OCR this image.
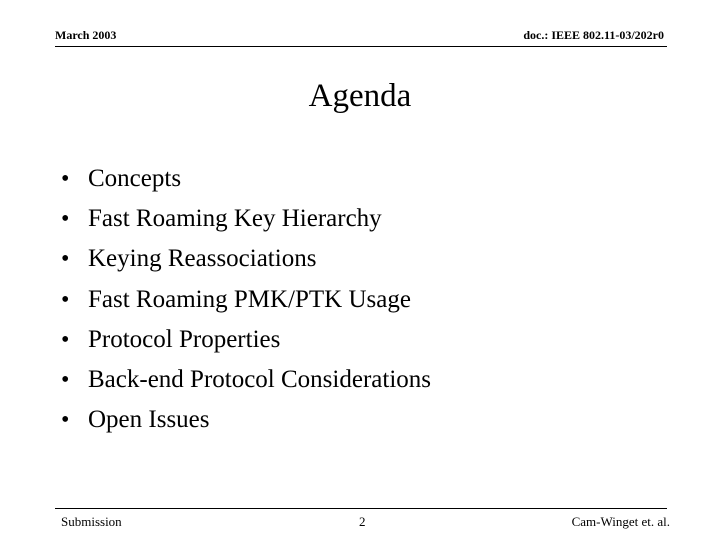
March 2003	doc.: IEEE 802.11-03/202r0
Agenda
• Concepts
• Fast Roaming Key Hierarchy
• Keying Reassociations
• Fast Roaming PMK/PTK Usage
• Protocol Properties
• Back-end Protocol Considerations
• Open Issues
Submission	2	Cam-Winget et. al.
